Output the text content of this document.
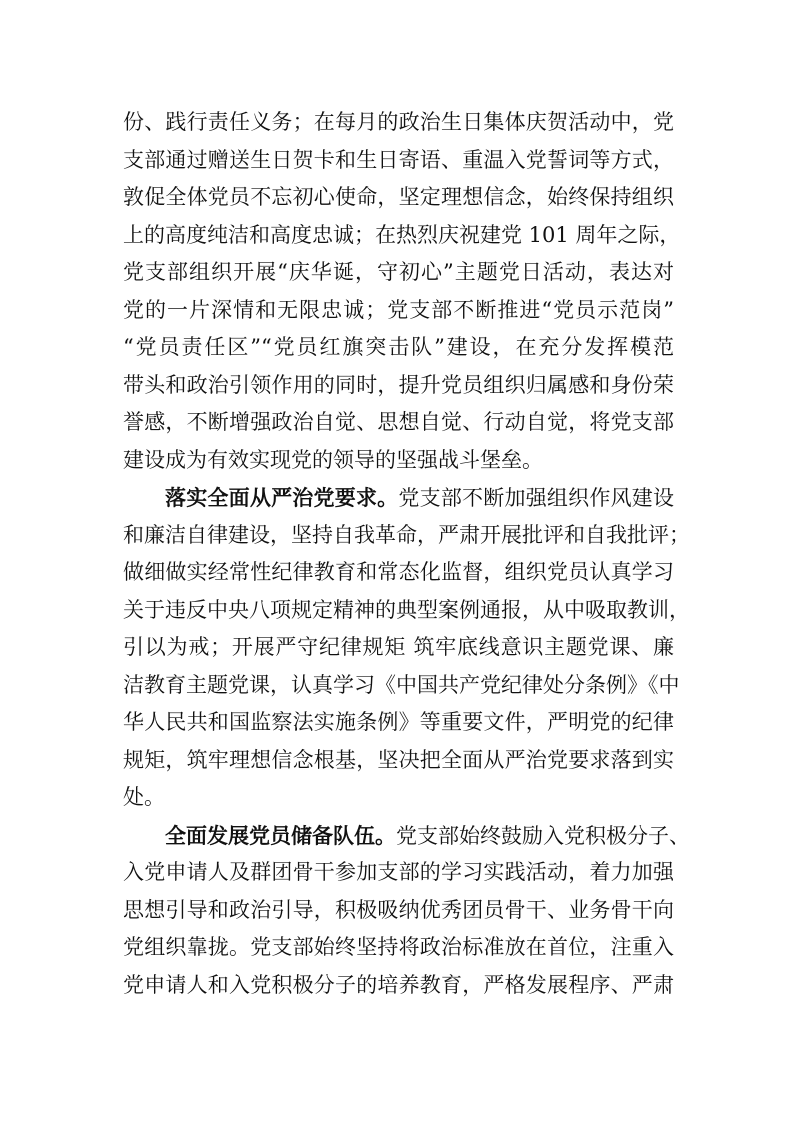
份、践行责任义务；在每月的政治生日集体庆贺活动中，党
支部通过赠送生日贺卡和生日寄语、重温入党誓词等方式，
敦促全体党员不忘初心使命，坚定理想信念，始终保持组织
上的高度纯洁和高度忠诚；在热烈庆祝建党 101 周年之际，
党支部组织开展“庆华诞，守初心”主题党日活动，表达对
党的一片深情和无限忠诚；党支部不断推进“党员示范岗”
“党员责任区”“党员红旗突击队”建设，在充分发挥模范
带头和政治引领作用的同时，提升党员组织归属感和身份荣
誉感，不断增强政治自觉、思想自觉、行动自觉，将党支部
建设成为有效实现党的领导的坚强战斗堡垒。
落实全面从严治党要求。党支部不断加强组织作风建设
和廉洁自律建设，坚持自我革命，严肃开展批评和自我批评；
做细做实经常性纪律教育和常态化监督，组织党员认真学习
关于违反中央八项规定精神的典型案例通报，从中吸取教训，
引以为戒；开展严守纪律规矩 筑牢底线意识主题党课、廉
洁教育主题党课，认真学习《中国共产党纪律处分条例》《中
华人民共和国监察法实施条例》等重要文件，严明党的纪律
规矩，筑牢理想信念根基，坚决把全面从严治党要求落到实
处。
全面发展党员储备队伍。党支部始终鼓励入党积极分子、
入党申请人及群团骨干参加支部的学习实践活动，着力加强
思想引导和政治引导，积极吸纳优秀团员骨干、业务骨干向
党组织靠拢。党支部始终坚持将政治标准放在首位，注重入
党申请人和入党积极分子的培养教育，严格发展程序、严肃
